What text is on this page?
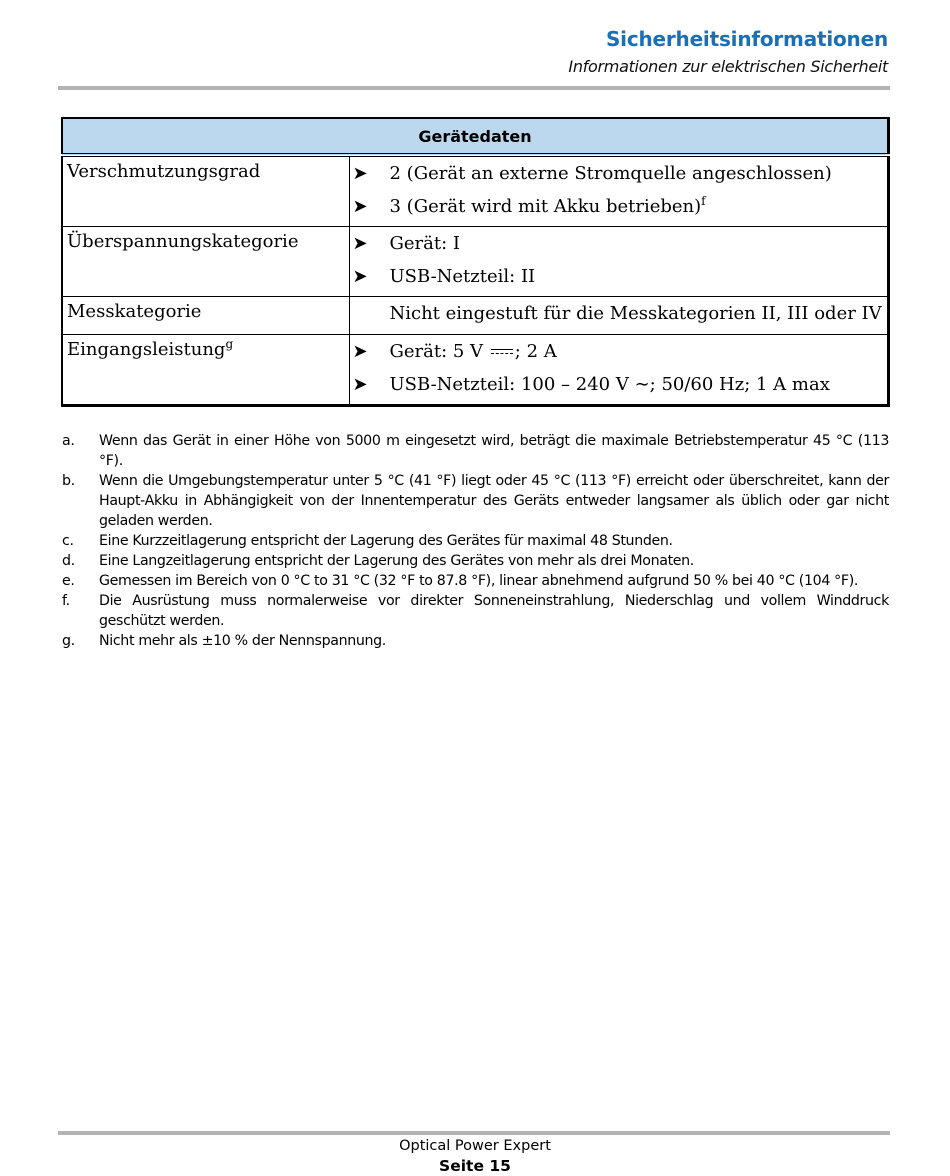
Sicherheitsinformationen
Informationen zur elektrischen Sicherheit
Gerätedaten	
Verschmutzungsgrad	➤ 2 (Gerät an externe Stromquelle angeschlossen)
➤ 3 (Gerät wird mit Akku betrieben)$^f$

Überspannungskategorie	➤ Gerät: I
➤ USB-Netzteil: II

Messkategorie	Nicht eingestuft für die Messkategorien II, III oder IV

Eingangsleistung$^g$	➤ Gerät: 5 V ; 2 A
➤ USB-Netzteil: 100 – 240 V ∼; 50/60 Hz; 1 A max
a.	Wenn das Gerät in einer Höhe von 5000 m eingesetzt wird, beträgt die maximale Betriebstemperatur 45 °C (113 °F).
b.	Wenn die Umgebungstemperatur unter 5 °C (41 °F) liegt oder 45 °C (113 °F) erreicht oder überschreitet, kann der Haupt-Akku in Abhängigkeit von der Innentemperatur des Geräts entweder langsamer als üblich oder gar nicht geladen werden.
c.	Eine Kurzzeitlagerung entspricht der Lagerung des Gerätes für maximal 48 Stunden.
d.	Eine Langzeitlagerung entspricht der Lagerung des Gerätes von mehr als drei Monaten.
e.	Gemessen im Bereich von 0 °C to 31 °C (32 °F to 87.8 °F), linear abnehmend aufgrund 50 % bei 40 °C (104 °F).
f.	Die Ausrüstung muss normalerweise vor direkter Sonneneinstrahlung, Niederschlag und vollem Winddruck geschützt werden.
g.	Nicht mehr als ±10 % der Nennspannung.
Optical Power Expert
Seite 15
